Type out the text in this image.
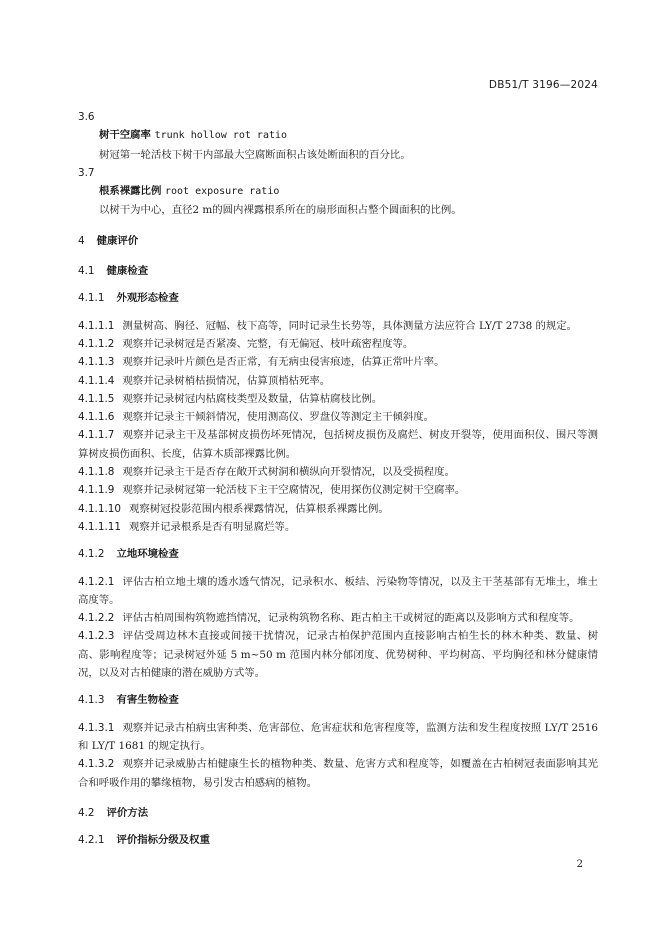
DB51/T 3196—2024

3.6

树干空腐率 trunk hollow rot ratio

树冠第一轮活枝下树干内部最大空腐断面积占该处断面积的百分比。

3.7

根系裸露比例 root exposure ratio

以树干为中心，直径2 m的圆内裸露根系所在的扇形面积占整个圆面积的比例。

4 健康评价

4.1 健康检查

4.1.1 外观形态检查

4.1.1.1 测量树高、胸径、冠幅、枝下高等，同时记录生长势等，具体测量方法应符合 LY/T 2738 的规定。

4.1.1.2 观察并记录树冠是否紧凑、完整，有无偏冠、枝叶疏密程度等。

4.1.1.3 观察并记录叶片颜色是否正常，有无病虫侵害痕迹，估算正常叶片率。

4.1.1.4 观察并记录树梢枯损情况，估算顶梢枯死率。

4.1.1.5 观察并记录树冠内枯腐枝类型及数量，估算枯腐枝比例。

4.1.1.6 观察并记录主干倾斜情况，使用测高仪、罗盘仪等测定主干倾斜度。

4.1.1.7 观察并记录主干及基部树皮损伤坏死情况，包括树皮损伤及腐烂、树皮开裂等，使用面积仪、围尺等测算树皮损伤面积、长度，估算木质部裸露比例。

4.1.1.8 观察并记录主干是否存在敞开式树洞和横纵向开裂情况，以及受损程度。

4.1.1.9 观察并记录树冠第一轮活枝下主干空腐情况，使用探伤仪测定树干空腐率。

4.1.1.10 观察树冠投影范围内根系裸露情况，估算根系裸露比例。

4.1.1.11 观察并记录根系是否有明显腐烂等。

4.1.2 立地环境检查

4.1.2.1 评估古柏立地土壤的透水透气情况，记录积水、板结、污染物等情况，以及主干茎基部有无堆土，堆土高度等。

4.1.2.2 评估古柏周围构筑物遮挡情况，记录构筑物名称、距古柏主干或树冠的距离以及影响方式和程度等。

4.1.2.3 评估受周边林木直接或间接干扰情况，记录古柏保护范围内直接影响古柏生长的林木种类、数量、树高、影响程度等；记录树冠外延 5 m~50 m 范围内林分郁闭度、优势树种、平均树高、平均胸径和林分健康情况，以及对古柏健康的潜在威胁方式等。

4.1.3 有害生物检查

4.1.3.1 观察并记录古柏病虫害种类、危害部位、危害症状和危害程度等，监测方法和发生程度按照 LY/T 2516 和 LY/T 1681 的规定执行。

4.1.3.2 观察并记录威胁古柏健康生长的植物种类、数量、危害方式和程度等，如覆盖在古柏树冠表面影响其光合和呼吸作用的攀缘植物，易引发古柏感病的植物。

4.2 评价方法

4.2.1 评价指标分级及权重

2
